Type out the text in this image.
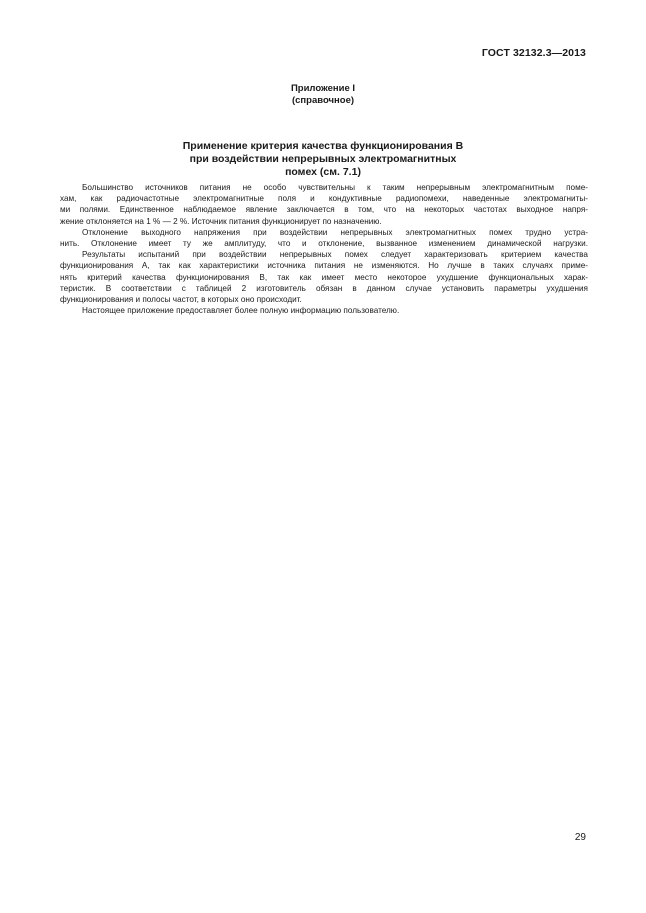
ГОСТ 32132.3—2013
Приложение I
(справочное)
Применение критерия качества функционирования В
при воздействии непрерывных электромагнитных
помех (см. 7.1)
Большинство источников питания не особо чувствительны к таким непрерывным электромагнитным поме-
хам, как радиочастотные электромагнитные поля и кондуктивные радиопомехи, наведенные электромагниты-
ми полями. Единственное наблюдаемое явление заключается в том, что на некоторых частотах выходное напря-
жение отклоняется на 1 % — 2 %. Источник питания функционирует по назначению.
Отклонение выходного напряжения при воздействии непрерывных электромагнитных помех трудно устра-
нить. Отклонение имеет ту же амплитуду, что и отклонение, вызванное изменением динамической нагрузки.
Результаты испытаний при воздействии непрерывных помех следует характеризовать критерием качества
функционирования А, так как характеристики источника питания не изменяются. Но лучше в таких случаях приме-
нять критерий качества функционирования В, так как имеет место некоторое ухудшение функциональных харак-
теристик. В соответствии с таблицей 2 изготовитель обязан в данном случае установить параметры ухудшения
функционирования и полосы частот, в которых оно происходит.
Настоящее приложение предоставляет более полную информацию пользователю.
29
